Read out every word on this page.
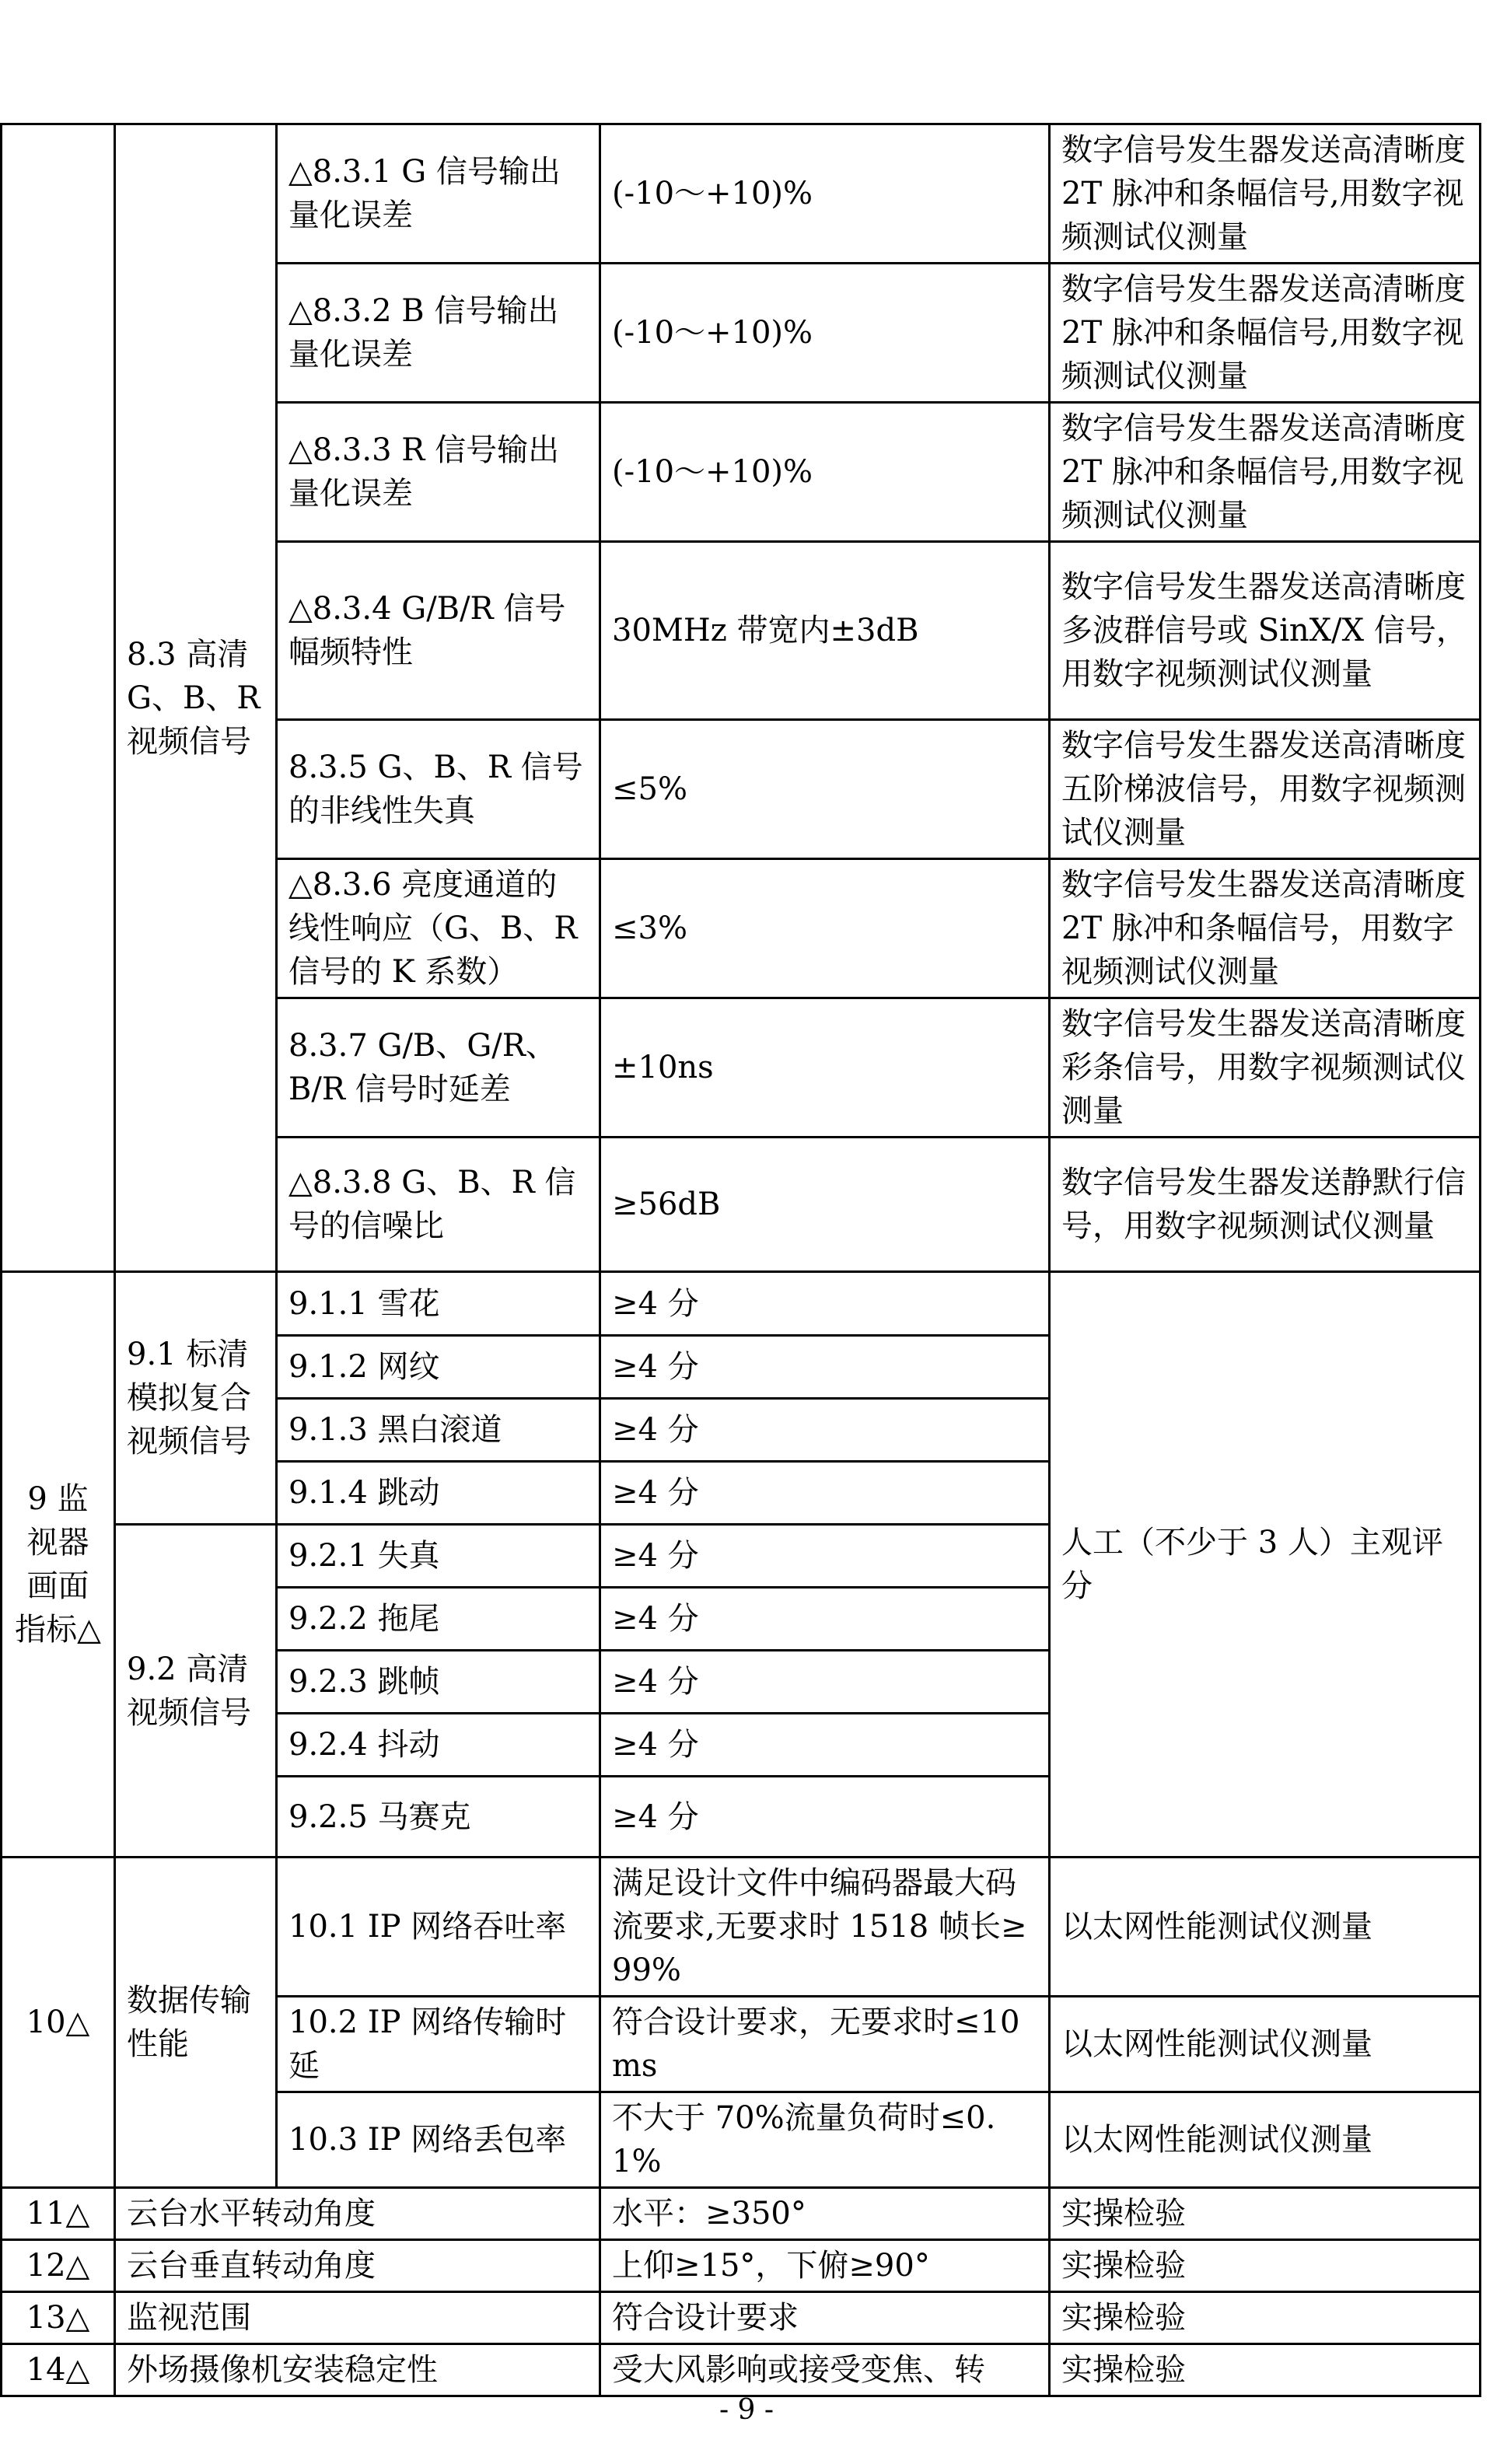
	8.3 高清 G、B、R 视频信号	△8.3.1 G 信号输出量化误差	(-10～+10)%	数字信号发生器发送高清晰度 2T 脉冲和条幅信号,用数字视频测试仪测量
		△8.3.2 B 信号输出量化误差	(-10～+10)%	数字信号发生器发送高清晰度 2T 脉冲和条幅信号,用数字视频测试仪测量
		△8.3.3 R 信号输出量化误差	(-10～+10)%	数字信号发生器发送高清晰度 2T 脉冲和条幅信号,用数字视频测试仪测量
		△8.3.4 G/B/R 信号幅频特性	30MHz 带宽内±3dB	数字信号发生器发送高清晰度多波群信号或 SinX/X 信号，用数字视频测试仪测量
		8.3.5 G、B、R 信号的非线性失真	≤5%	数字信号发生器发送高清晰度五阶梯波信号，用数字视频测试仪测量
		△8.3.6 亮度通道的线性响应（G、B、R 信号的 K 系数）	≤3%	数字信号发生器发送高清晰度 2T 脉冲和条幅信号，用数字视频测试仪测量
		8.3.7 G/B、G/R、B/R 信号时延差	±10ns	数字信号发生器发送高清晰度彩条信号，用数字视频测试仪测量
		△8.3.8 G、B、R 信号的信噪比	≥56dB	数字信号发生器发送静默行信号，用数字视频测试仪测量
9 监视器画面指标△	9.1 标清模拟复合视频信号	9.1.1 雪花	≥4 分	人工（不少于 3 人）主观评分
		9.1.2 网纹	≥4 分	
		9.1.3 黑白滚道	≥4 分	
		9.1.4 跳动	≥4 分	
	9.2 高清视频信号	9.2.1 失真	≥4 分	
		9.2.2 拖尾	≥4 分	
		9.2.3 跳帧	≥4 分	
		9.2.4 抖动	≥4 分	
		9.2.5 马赛克	≥4 分	
10△	数据传输性能	10.1 IP 网络吞吐率	满足设计文件中编码器最大码流要求,无要求时 1518 帧长≥99%	以太网性能测试仪测量
		10.2 IP 网络传输时延	符合设计要求，无要求时≤10ms	以太网性能测试仪测量
		10.3 IP 网络丢包率	不大于 70%流量负荷时≤0.1%	以太网性能测试仪测量
11△	云台水平转动角度		水平：≥350°	实操检验
12△	云台垂直转动角度		上仰≥15°，下俯≥90°	实操检验
13△	监视范围		符合设计要求	实操检验
14△	外场摄像机安装稳定性		受大风影响或接受变焦、转	实操检验
- 9 -
